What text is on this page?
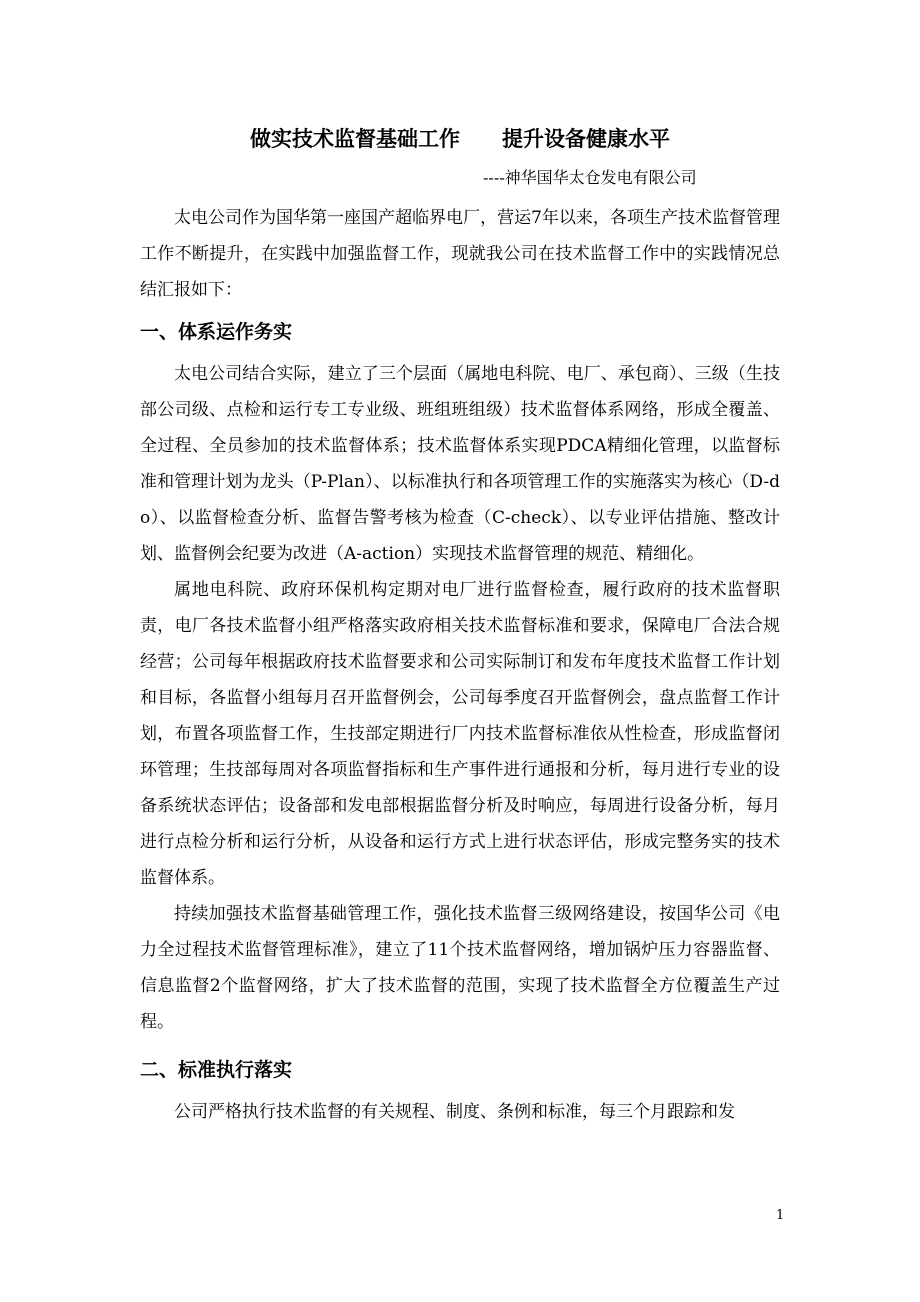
做实技术监督基础工作　　提升设备健康水平
----神华国华太仓发电有限公司

太电公司作为国华第一座国产超临界电厂，营运7年以来，各项生产技术监督管理工作不断提升，在实践中加强监督工作，现就我公司在技术监督工作中的实践情况总结汇报如下：

一、体系运作务实

太电公司结合实际，建立了三个层面（属地电科院、电厂、承包商）、三级（生技部公司级、点检和运行专工专业级、班组班组级）技术监督体系网络，形成全覆盖、全过程、全员参加的技术监督体系；技术监督体系实现PDCA精细化管理，以监督标准和管理计划为龙头（P-Plan）、以标准执行和各项管理工作的实施落实为核心（D-do）、以监督检查分析、监督告警考核为检查（C-check）、以专业评估措施、整改计划、监督例会纪要为改进（A-action）实现技术监督管理的规范、精细化。

属地电科院、政府环保机构定期对电厂进行监督检查，履行政府的技术监督职责，电厂各技术监督小组严格落实政府相关技术监督标准和要求，保障电厂合法合规经营；公司每年根据政府技术监督要求和公司实际制订和发布年度技术监督工作计划和目标，各监督小组每月召开监督例会，公司每季度召开监督例会，盘点监督工作计划，布置各项监督工作，生技部定期进行厂内技术监督标准依从性检查，形成监督闭环管理；生技部每周对各项监督指标和生产事件进行通报和分析，每月进行专业的设备系统状态评估；设备部和发电部根据监督分析及时响应，每周进行设备分析，每月进行点检分析和运行分析，从设备和运行方式上进行状态评估，形成完整务实的技术监督体系。

持续加强技术监督基础管理工作，强化技术监督三级网络建设，按国华公司《电力全过程技术监督管理标准》，建立了11个技术监督网络，增加锅炉压力容器监督、信息监督2个监督网络，扩大了技术监督的范围，实现了技术监督全方位覆盖生产过程。

二、标准执行落实

公司严格执行技术监督的有关规程、制度、条例和标准，每三个月跟踪和发

1
